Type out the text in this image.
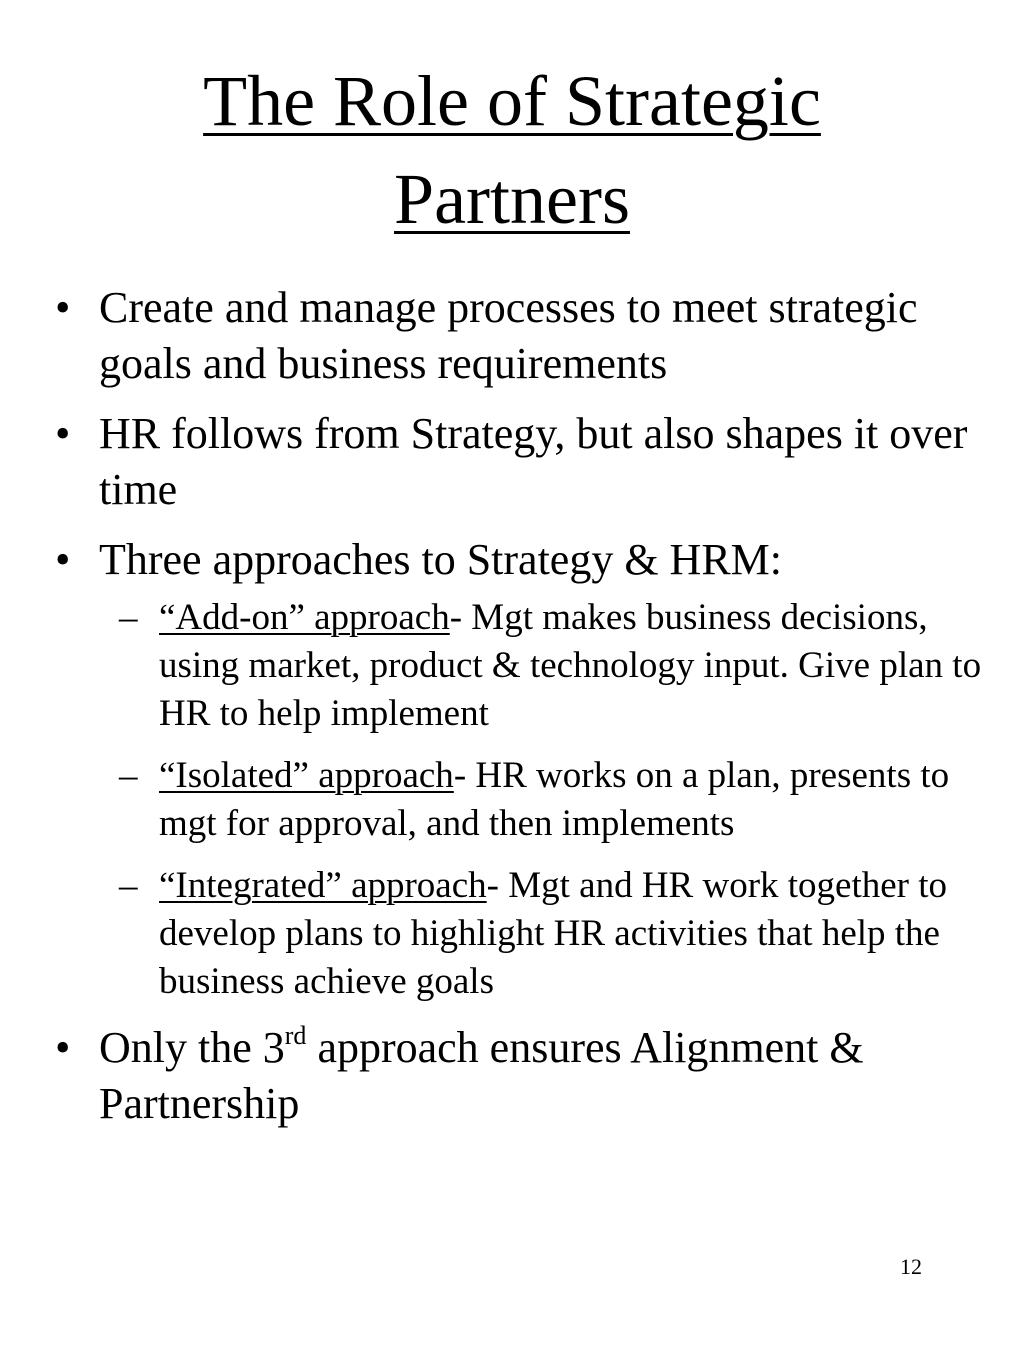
The Role of Strategic
Partners
• Create and manage processes to meet strategic goals and business requirements
• HR follows from Strategy, but also shapes it over time
• Three approaches to Strategy & HRM:
– “Add-on” approach- Mgt makes business decisions, using market, product & technology input. Give plan to HR to help implement
– “Isolated” approach- HR works on a plan, presents to mgt for approval, and then implements
– “Integrated” approach- Mgt and HR work together to develop plans to highlight HR activities that help the business achieve goals
• Only the 3rd approach ensures Alignment & Partnership
12
